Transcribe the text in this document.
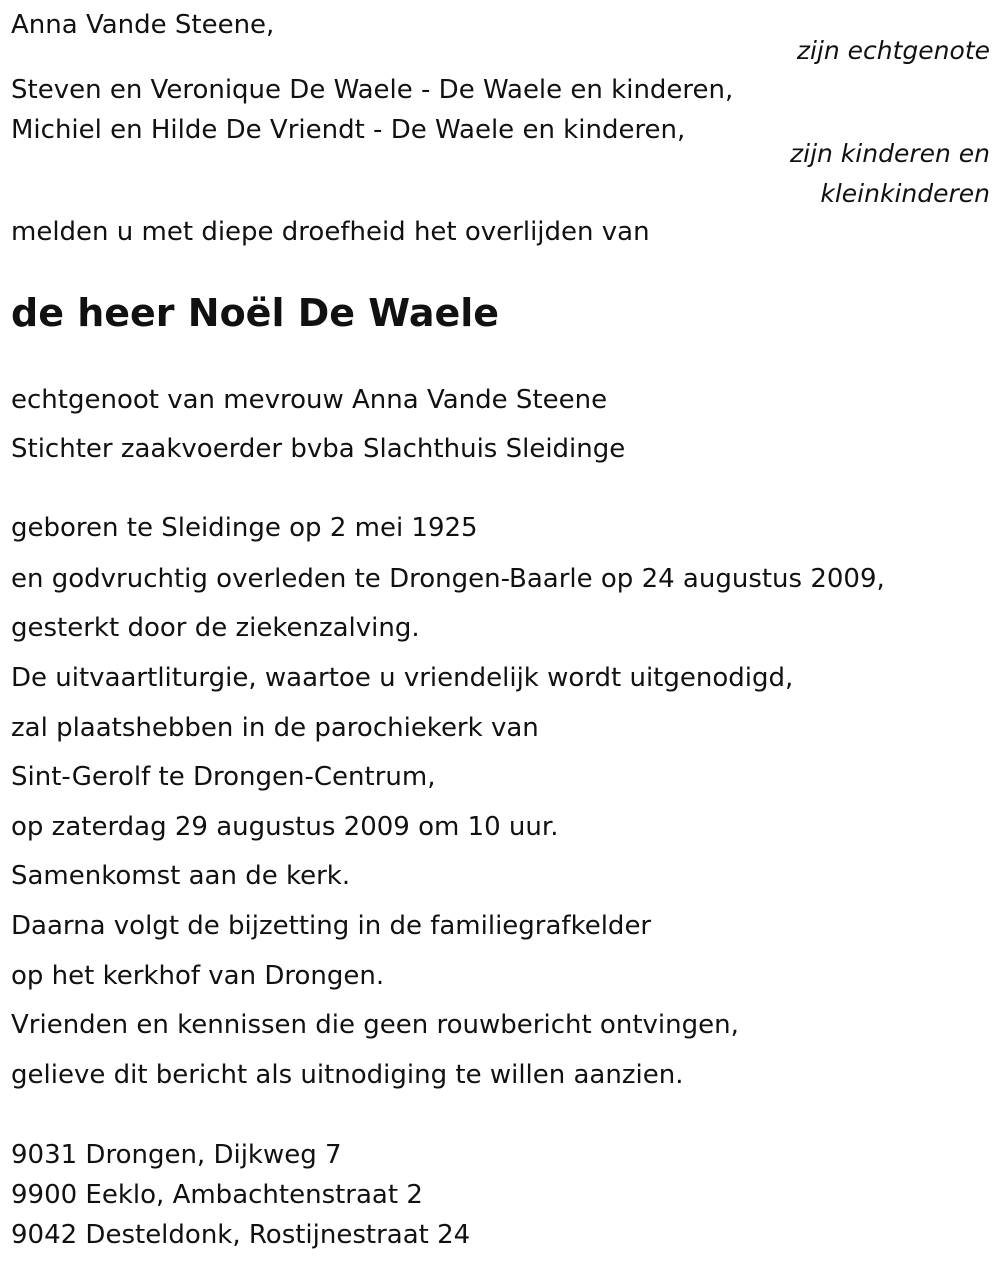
Anna Vande Steene,
zijn echtgenote
Steven en Veronique De Waele - De Waele en kinderen,
Michiel en Hilde De Vriendt - De Waele en kinderen,
zijn kinderen en
kleinkinderen
melden u met diepe droefheid het overlijden van
de heer Noël De Waele
echtgenoot van mevrouw Anna Vande Steene
Stichter zaakvoerder bvba Slachthuis Sleidinge
geboren te Sleidinge op 2 mei 1925
en godvruchtig overleden te Drongen-Baarle op 24 augustus 2009,
gesterkt door de ziekenzalving.
De uitvaartliturgie, waartoe u vriendelijk wordt uitgenodigd,
zal plaatshebben in de parochiekerk van
Sint-Gerolf te Drongen-Centrum,
op zaterdag 29 augustus 2009 om 10 uur.
Samenkomst aan de kerk.
Daarna volgt de bijzetting in de familiegrafkelder
op het kerkhof van Drongen.
Vrienden en kennissen die geen rouwbericht ontvingen,
gelieve dit bericht als uitnodiging te willen aanzien.
9031 Drongen, Dijkweg 7
9900 Eeklo, Ambachtenstraat 2
9042 Desteldonk, Rostijnestraat 24
